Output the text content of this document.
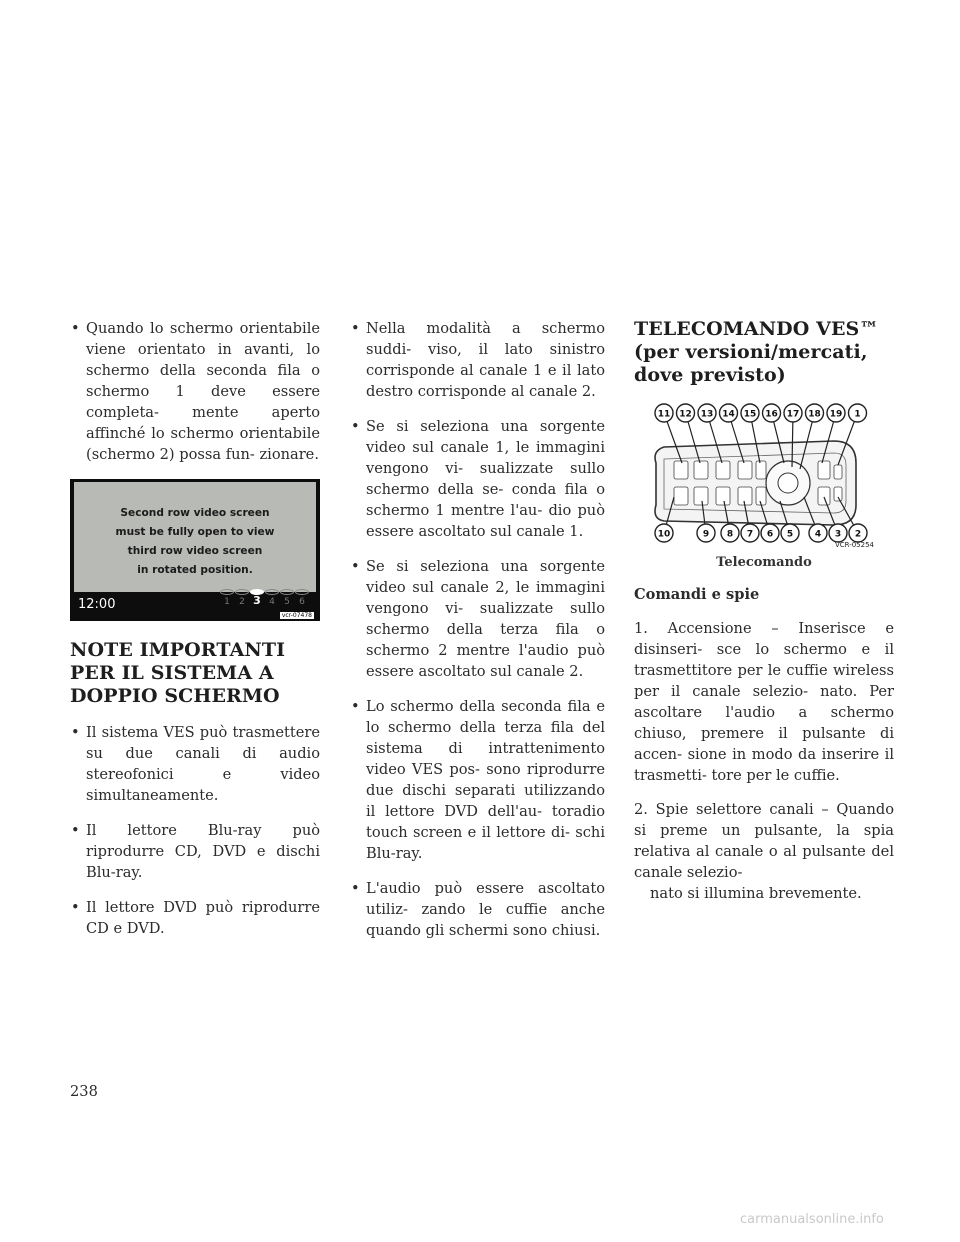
• Quando lo schermo orientabile viene orientato in avanti, lo schermo della seconda fila o schermo 1 deve essere completa- mente aperto affinché lo schermo orientabile (schermo 2) possa fun- zionare.
Second row video screen
must be fully open to view
third row video screen
in rotated position.
12:00	1	2 3 4	5	6
vcr-07478
NOTE IMPORTANTI PER IL SISTEMA A DOPPIO SCHERMO
• Il sistema VES può trasmettere su due canali di audio stereofonici e video simultaneamente.
• Il lettore Blu-ray può riprodurre CD, DVD e dischi Blu-ray.
• Il lettore DVD può riprodurre CD e DVD.
• Nella modalità a schermo suddi- viso, il lato sinistro corrisponde al canale 1 e il lato destro corrisponde al canale 2.
• Se si seleziona una sorgente video sul canale 1, le immagini vengono vi- sualizzate sullo schermo della se- conda fila o schermo 1 mentre l'au- dio può essere ascoltato sul canale 1.
• Se si seleziona una sorgente video sul canale 2, le immagini vengono vi- sualizzate sullo schermo della terza fila o schermo 2 mentre l'audio può essere ascoltato sul canale 2.
• Lo schermo della seconda fila e lo schermo della terza fila del sistema di intrattenimento video VES pos- sono riprodurre due dischi separati utilizzando il lettore DVD dell'au- toradio touch screen e il lettore di- schi Blu-ray.
• L'audio può essere ascoltato utiliz- zando le cuffie anche quando gli schermi sono chiusi.
TELECOMANDO VES™ (per versioni/mercati, dove previsto)
11 12 13 14 15 16 17 18 19 1
10	9 8 7 6 5 4 3 2
VCR-05254
Telecomando
Comandi e spie
1. Accensione – Inserisce e disinseri- sce lo schermo e il trasmettitore per le cuffie wireless per il canale selezio- nato. Per ascoltare l'audio a schermo chiuso, premere il pulsante di accen- sione in modo da inserire il trasmetti- tore per le cuffie.
2. Spie selettore canali – Quando si preme un pulsante, la spia relativa al canale o al pulsante del canale selezio-
nato si illumina brevemente.
238
carmanualsonline.info
